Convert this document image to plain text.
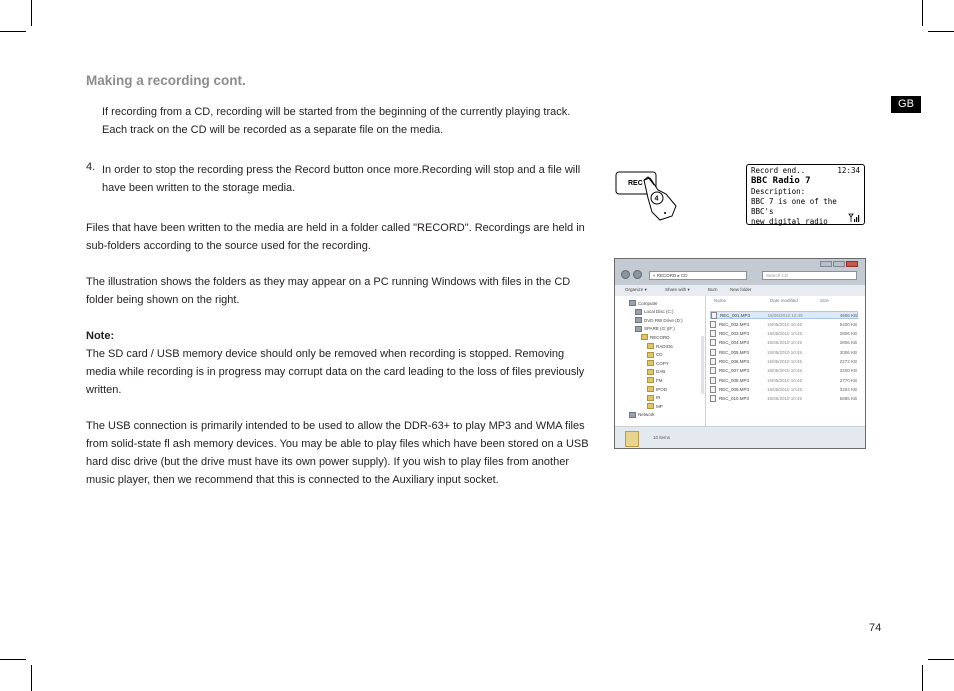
Making a recording cont.
If recording from a CD, recording will be started from the beginning of the currently playing track. Each track on the CD will be recorded as a separate file on the media.
4. In order to stop the recording press the Record button once more.Recording will stop and a file will have been written to the storage media.
Files that have been written to the media are held in a folder called "RECORD". Recordings are held in sub-folders according to the source used for the recording.
The illustration shows the folders as they may appear on a PC running Windows with files in the CD folder being shown on the right.
Note:
The SD card / USB memory device should only be removed when recording is stopped. Removing media while recording is in progress may corrupt data on the card leading to the loss of files previously written.
The USB connection is primarily intended to be used to allow the DDR-63+ to play MP3 and WMA files from solid-state fl ash memory devices. You may be able to play files which have been stored on a USB hard disc drive (but the drive must have its own power supply). If you wish to play files from another music player, then we recommend that this is connected to the Auxiliary input socket.
GB
74
REC
4
Record end..	12:34
BBC Radio 7
Description:
BBC 7 is one of the BBC's
new digital radio
« RECORD ▸ CD	Search CD
Organize ▾	Share with ▾	Burn	New folder
Computer
Local Disc (C:)
DVD RW Drive (D:)
SPARE (G:)(F:)
RECORD
RADIO6
CD
COPY
DAB
FM
IPOD
IR
MP
Network
Name	Date modified	Size
REC_001.MP3	15/05/2010 10:45	4606 KB
REC_002.MP3	15/05/2010 10:45	5400 KB
REC_003.MP3	15/05/2010 10:45	2806 KB
REC_004.MP3	15/05/2010 10:45	2806 KB
REC_005.MP3	15/05/2010 10:45	3006 KB
REC_006.MP3	15/05/2010 10:45	2272 KB
REC_007.MP3	15/05/2010 10:45	3200 KB
REC_008.MP3	15/05/2010 10:45	2770 KB
REC_009.MP3	15/05/2010 10:45	3204 KB
REC_010.MP3	15/05/2010 10:45	5886 KB
10 items
